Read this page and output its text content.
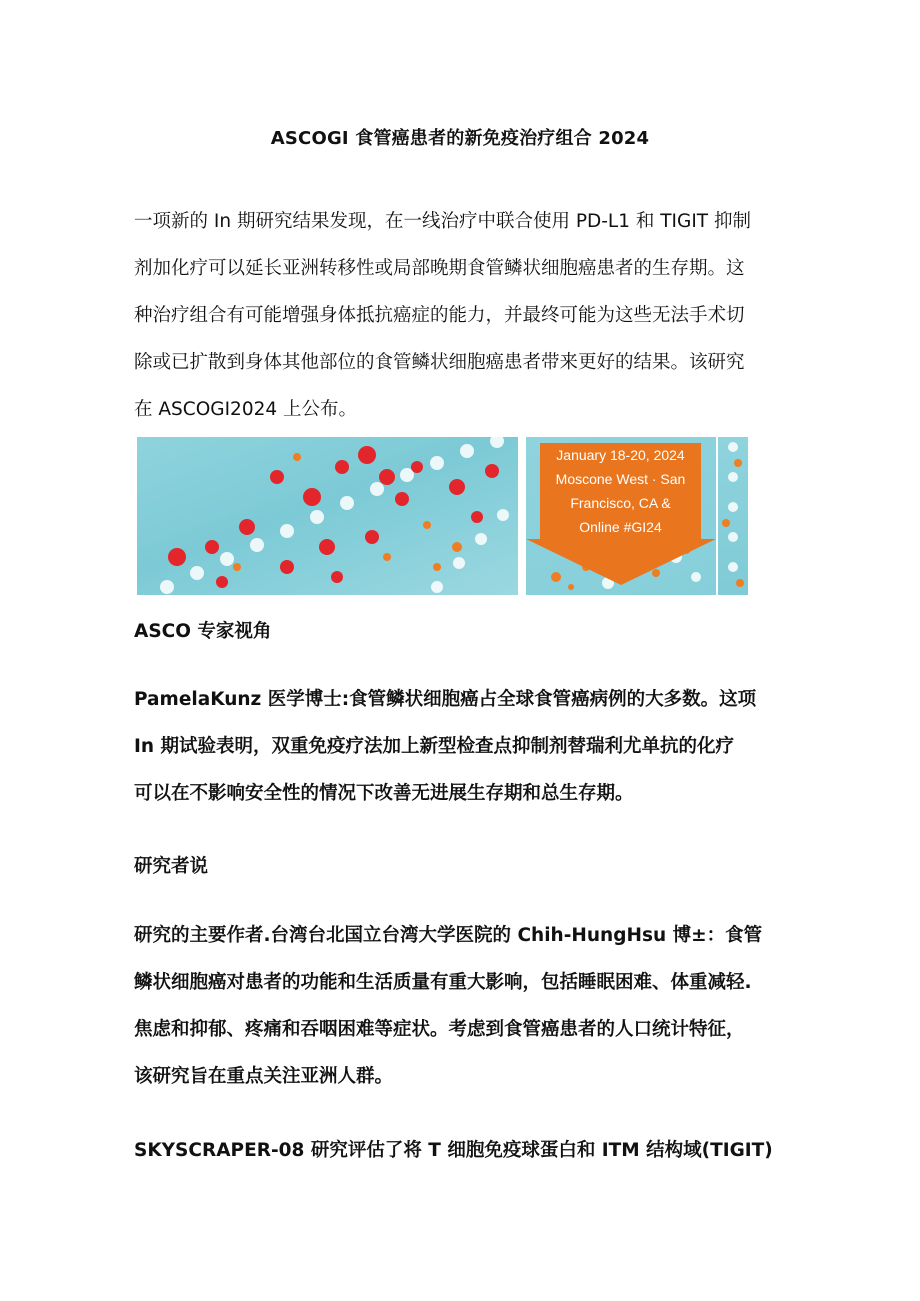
ASCOGI 食管癌患者的新免疫治疗组合 2024

一项新的 In 期研究结果发现，在一线治疗中联合使用 PD-L1 和 TIGIT 抑制
剂加化疗可以延长亚洲转移性或局部晚期食管鳞状细胞癌患者的生存期。这
种治疗组合有可能增强身体抵抗癌症的能力，并最终可能为这些无法手术切
除或已扩散到身体其他部位的食管鳞状细胞癌患者带来更好的结果。该研究
在 ASCOGI2024 上公布。

January 18-20, 2024
Moscone West · San
Francisco, CA &
Online #GI24

ASCO 专家视角

PamelaKunz 医学博士:食管鳞状细胞癌占全球食管癌病例的大多数。这项
In 期试验表明，双重免疫疗法加上新型检查点抑制剂替瑞利尤单抗的化疗
可以在不影响安全性的情况下改善无进展生存期和总生存期。

研究者说

研究的主要作者.台湾台北国立台湾大学医院的 Chih-HungHsu 博±：食管
鳞状细胞癌对患者的功能和生活质量有重大影响，包括睡眠困难、体重减轻.
焦虑和抑郁、疼痛和吞咽困难等症状。考虑到食管癌患者的人口统计特征，
该研究旨在重点关注亚洲人群。

SKYSCRAPER-08 研究评估了将 T 细胞免疫球蛋白和 ITM 结构域(TIGIT)
